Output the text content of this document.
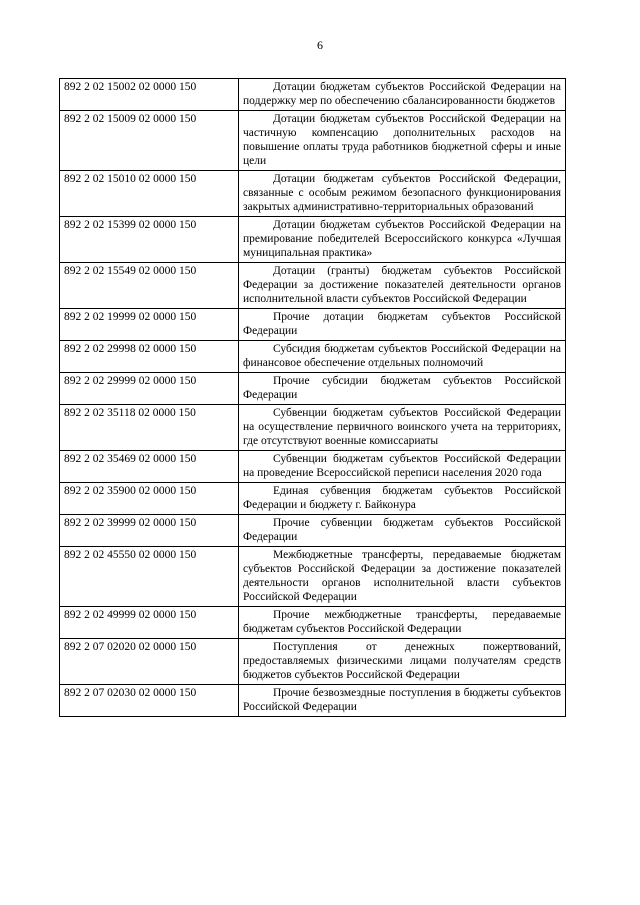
6
892 2 02 15002 02 0000 150	Дотации бюджетам субъектов Российской Федерации на поддержку мер по обеспечению сбалансированности бюджетов
892 2 02 15009 02 0000 150	Дотации бюджетам субъектов Российской Федерации на частичную компенсацию дополнительных расходов на повышение оплаты труда работников бюджетной сферы и иные цели
892 2 02 15010 02 0000 150	Дотации бюджетам субъектов Российской Федерации, связанные с особым режимом безопасного функционирования закрытых административно-территориальных образований
892 2 02 15399 02 0000 150	Дотации бюджетам субъектов Российской Федерации на премирование победителей Всероссийского конкурса «Лучшая муниципальная практика»
892 2 02 15549 02 0000 150	Дотации (гранты) бюджетам субъектов Российской Федерации за достижение показателей деятельности органов исполнительной власти субъектов Российской Федерации
892 2 02 19999 02 0000 150	Прочие дотации бюджетам субъектов Российской Федерации
892 2 02 29998 02 0000 150	Субсидия бюджетам субъектов Российской Федерации на финансовое обеспечение отдельных полномочий
892 2 02 29999 02 0000 150	Прочие субсидии бюджетам субъектов Российской Федерации
892 2 02 35118 02 0000 150	Субвенции бюджетам субъектов Российской Федерации на осуществление первичного воинского учета на территориях, где отсутствуют военные комиссариаты
892 2 02 35469 02 0000 150	Субвенции бюджетам субъектов Российской Федерации на проведение Всероссийской переписи населения 2020 года
892 2 02 35900 02 0000 150	Единая субвенция бюджетам субъектов Российской Федерации и бюджету г. Байконура
892 2 02 39999 02 0000 150	Прочие субвенции бюджетам субъектов Российской Федерации
892 2 02 45550 02 0000 150	Межбюджетные трансферты, передаваемые бюджетам субъектов Российской Федерации за достижение показателей деятельности органов исполнительной власти субъектов Российской Федерации
892 2 02 49999 02 0000 150	Прочие межбюджетные трансферты, передаваемые бюджетам субъектов Российской Федерации
892 2 07 02020 02 0000 150	Поступления от денежных пожертвований, предоставляемых физическими лицами получателям средств бюджетов субъектов Российской Федерации
892 2 07 02030 02 0000 150	Прочие безвозмездные поступления в бюджеты субъектов Российской Федерации
